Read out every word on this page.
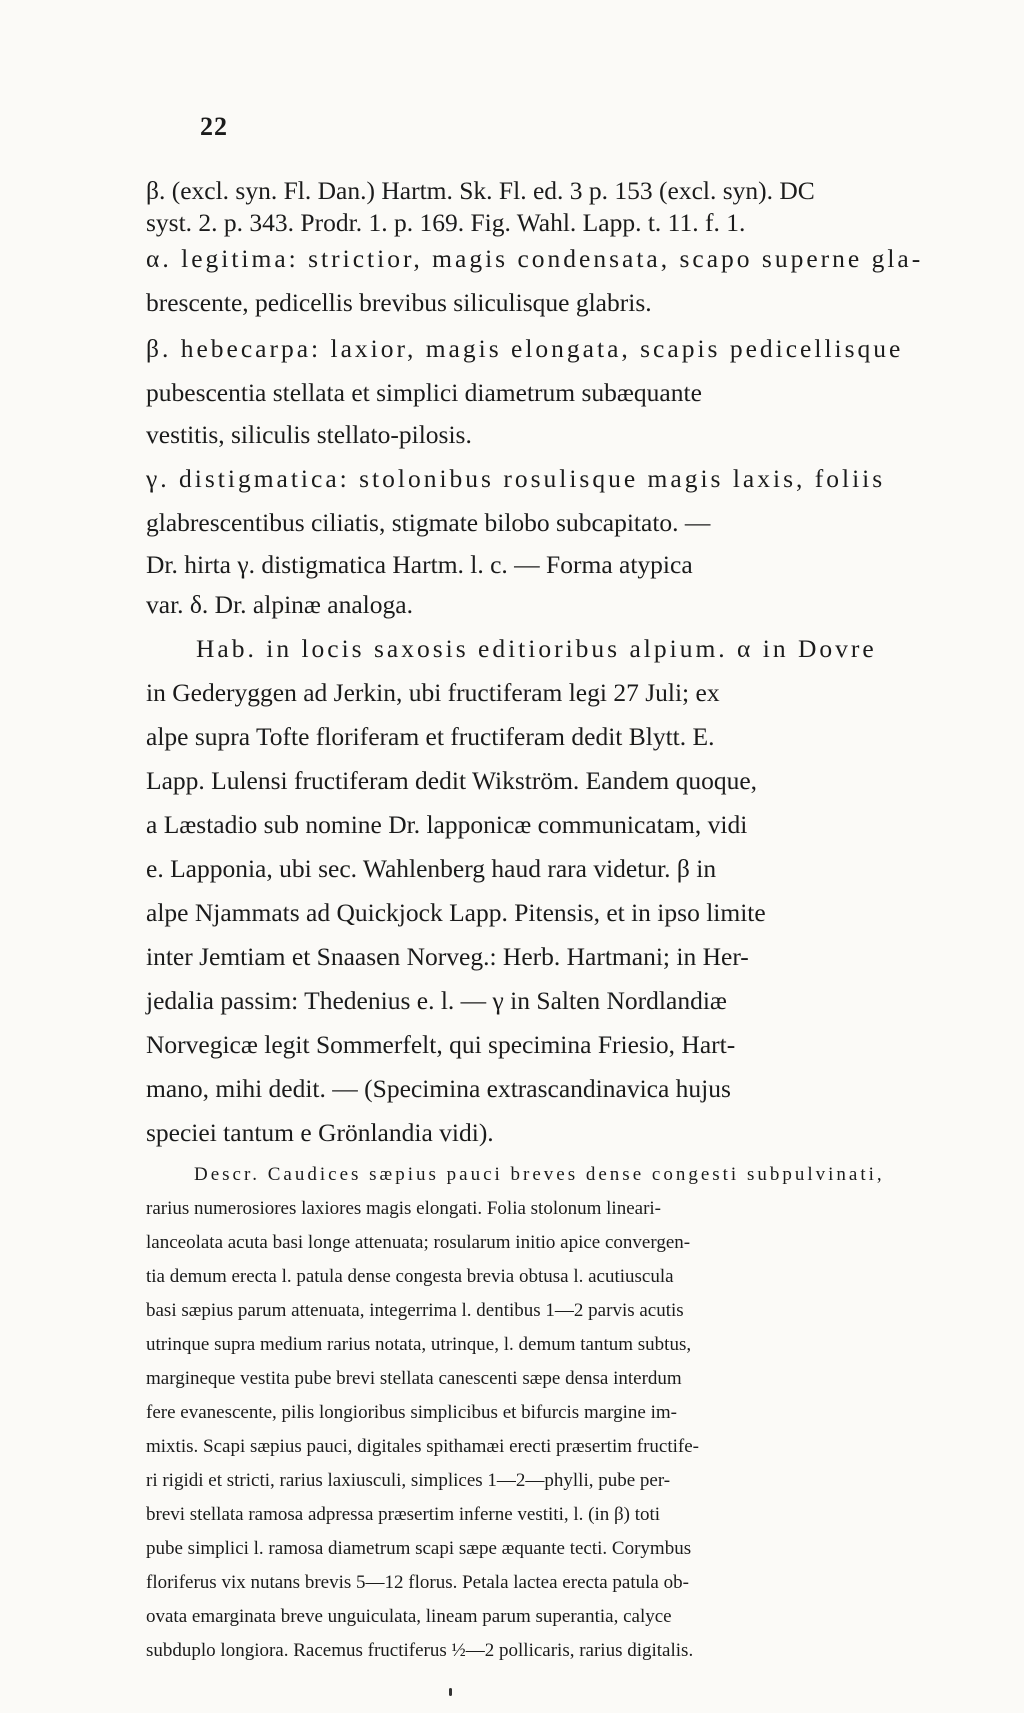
22
β. (excl. syn. Fl. Dan.) Hartm. Sk. Fl. ed. 3 p. 153 (excl. syn). DC
syst. 2. p. 343. Prodr. 1. p. 169. Fig. Wahl. Lapp. t. 11. f. 1.
α. legitima: strictior, magis condensata, scapo superne gla-
brescente, pedicellis brevibus siliculisque glabris.
β. hebecarpa: laxior, magis elongata, scapis pedicellisque
pubescentia stellata et simplici diametrum subæquante
vestitis, siliculis stellato-pilosis.
γ. distigmatica: stolonibus rosulisque magis laxis, foliis
glabrescentibus ciliatis, stigmate bilobo subcapitato. —
Dr. hirta γ. distigmatica Hartm. l. c. — Forma atypica
var. δ. Dr. alpinæ analoga.
Hab. in locis saxosis editioribus alpium. α in Dovre
in Gederyggen ad Jerkin, ubi fructiferam legi 27 Juli; ex
alpe supra Tofte floriferam et fructiferam dedit Blytt. E.
Lapp. Lulensi fructiferam dedit Wikström. Eandem quoque,
a Læstadio sub nomine Dr. lapponicæ communicatam, vidi
e. Lapponia, ubi sec. Wahlenberg haud rara videtur. β in
alpe Njammats ad Quickjock Lapp. Pitensis, et in ipso limite
inter Jemtiam et Snaasen Norveg.: Herb. Hartmani; in Her-
jedalia passim: Thedenius e. l. — γ in Salten Nordlandiæ
Norvegicæ legit Sommerfelt, qui specimina Friesio, Hart-
mano, mihi dedit. — (Specimina extrascandinavica hujus
speciei tantum e Grönlandia vidi).
Descr. Caudices sæpius pauci breves dense congesti subpulvinati,
rarius numerosiores laxiores magis elongati. Folia stolonum lineari-
lanceolata acuta basi longe attenuata; rosularum initio apice convergen-
tia demum erecta l. patula dense congesta brevia obtusa l. acutiuscula
basi sæpius parum attenuata, integerrima l. dentibus 1—2 parvis acutis
utrinque supra medium rarius notata, utrinque, l. demum tantum subtus,
margineque vestita pube brevi stellata canescenti sæpe densa interdum
fere evanescente, pilis longioribus simplicibus et bifurcis margine im-
mixtis. Scapi sæpius pauci, digitales spithamæi erecti præsertim fructife-
ri rigidi et stricti, rarius laxiusculi, simplices 1—2—phylli, pube per-
brevi stellata ramosa adpressa præsertim inferne vestiti, l. (in β) toti
pube simplici l. ramosa diametrum scapi sæpe æquante tecti. Corymbus
floriferus vix nutans brevis 5—12 florus. Petala lactea erecta patula ob-
ovata emarginata breve unguiculata, lineam parum superantia, calyce
subduplo longiora. Racemus fructiferus ½—2 pollicaris, rarius digitalis.
